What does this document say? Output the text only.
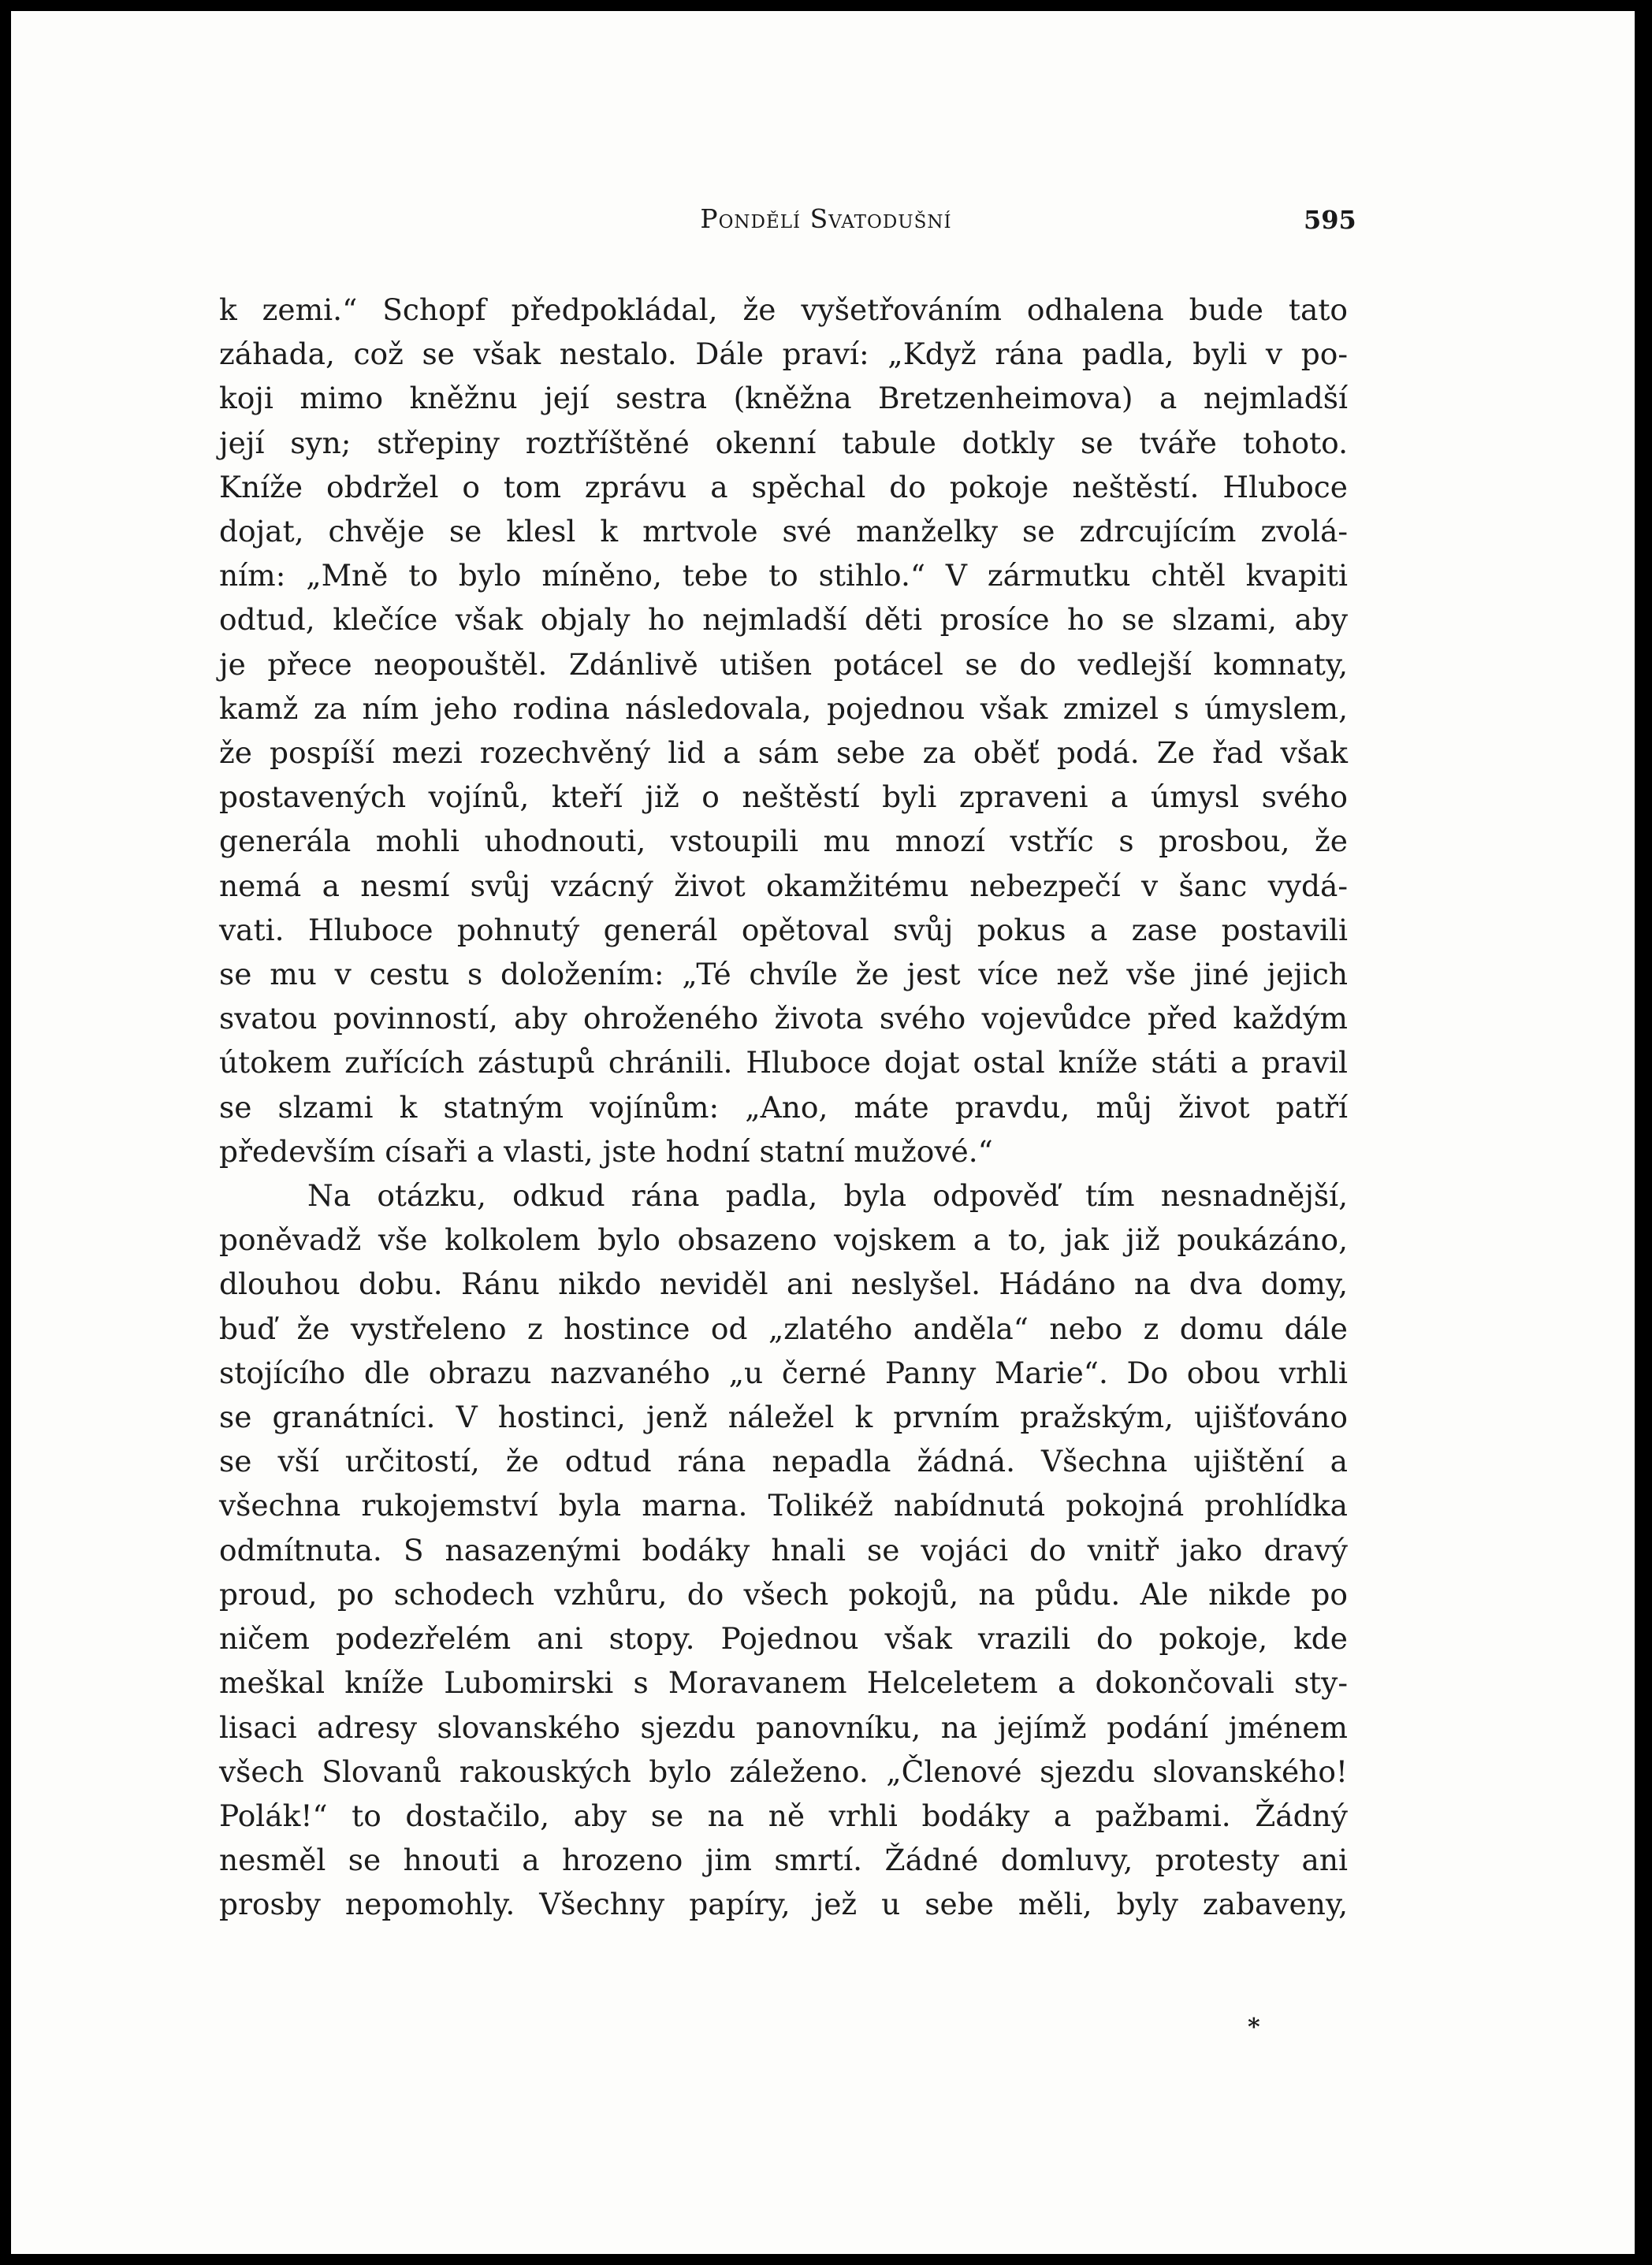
Pondělí Svatodušní	595
k zemi.“ Schopf předpokládal, že vyšetřováním odhalena bude tato
záhada, což se však nestalo. Dále praví: „Když rána padla, byli v po-
koji mimo kněžnu její sestra (kněžna Bretzenheimova) a nejmladší
její syn; střepiny roztříštěné okenní tabule dotkly se tváře tohoto.
Kníže obdržel o tom zprávu a spěchal do pokoje neštěstí. Hluboce
dojat, chvěje se klesl k mrtvole své manželky se zdrcujícím zvolá-
ním: „Mně to bylo míněno, tebe to stihlo.“ V zármutku chtěl kvapiti
odtud, klečíce však objaly ho nejmladší děti prosíce ho se slzami, aby
je přece neopouštěl. Zdánlivě utišen potácel se do vedlejší komnaty,
kamž za ním jeho rodina následovala, pojednou však zmizel s úmyslem,
že pospíší mezi rozechvěný lid a sám sebe za oběť podá. Ze řad však
postavených vojínů, kteří již o neštěstí byli zpraveni a úmysl svého
generála mohli uhodnouti, vstoupili mu mnozí vstříc s prosbou, že
nemá a nesmí svůj vzácný život okamžitému nebezpečí v šanc vydá-
vati. Hluboce pohnutý generál opětoval svůj pokus a zase postavili
se mu v cestu s doložením: „Té chvíle že jest více než vše jiné jejich
svatou povinností, aby ohroženého života svého vojevůdce před každým
útokem zuřících zástupů chránili. Hluboce dojat ostal kníže státi a pravil
se slzami k statným vojínům: „Ano, máte pravdu, můj život patří
především císaři a vlasti, jste hodní statní mužové.“
Na otázku, odkud rána padla, byla odpověď tím nesnadnější,
poněvadž vše kolkolem bylo obsazeno vojskem a to, jak již poukázáno,
dlouhou dobu. Ránu nikdo neviděl ani neslyšel. Hádáno na dva domy,
buď že vystřeleno z hostince od „zlatého anděla“ nebo z domu dále
stojícího dle obrazu nazvaného „u černé Panny Marie“. Do obou vrhli
se granátníci. V hostinci, jenž náležel k prvním pražským, ujišťováno
se vší určitostí, že odtud rána nepadla žádná. Všechna ujištění a
všechna rukojemství byla marna. Tolikéž nabídnutá pokojná prohlídka
odmítnuta. S nasazenými bodáky hnali se vojáci do vnitř jako dravý
proud, po schodech vzhůru, do všech pokojů, na půdu. Ale nikde po
ničem podezřelém ani stopy. Pojednou však vrazili do pokoje, kde
meškal kníže Lubomirski s Moravanem Helceletem a dokončovali sty-
lisaci adresy slovanského sjezdu panovníku, na jejímž podání jménem
všech Slovanů rakouských bylo záleženo. „Členové sjezdu slovanského!
Polák!“ to dostačilo, aby se na ně vrhli bodáky a pažbami. Žádný
nesměl se hnouti a hrozeno jim smrtí. Žádné domluvy, protesty ani
prosby nepomohly. Všechny papíry, jež u sebe měli, byly zabaveny,
*
